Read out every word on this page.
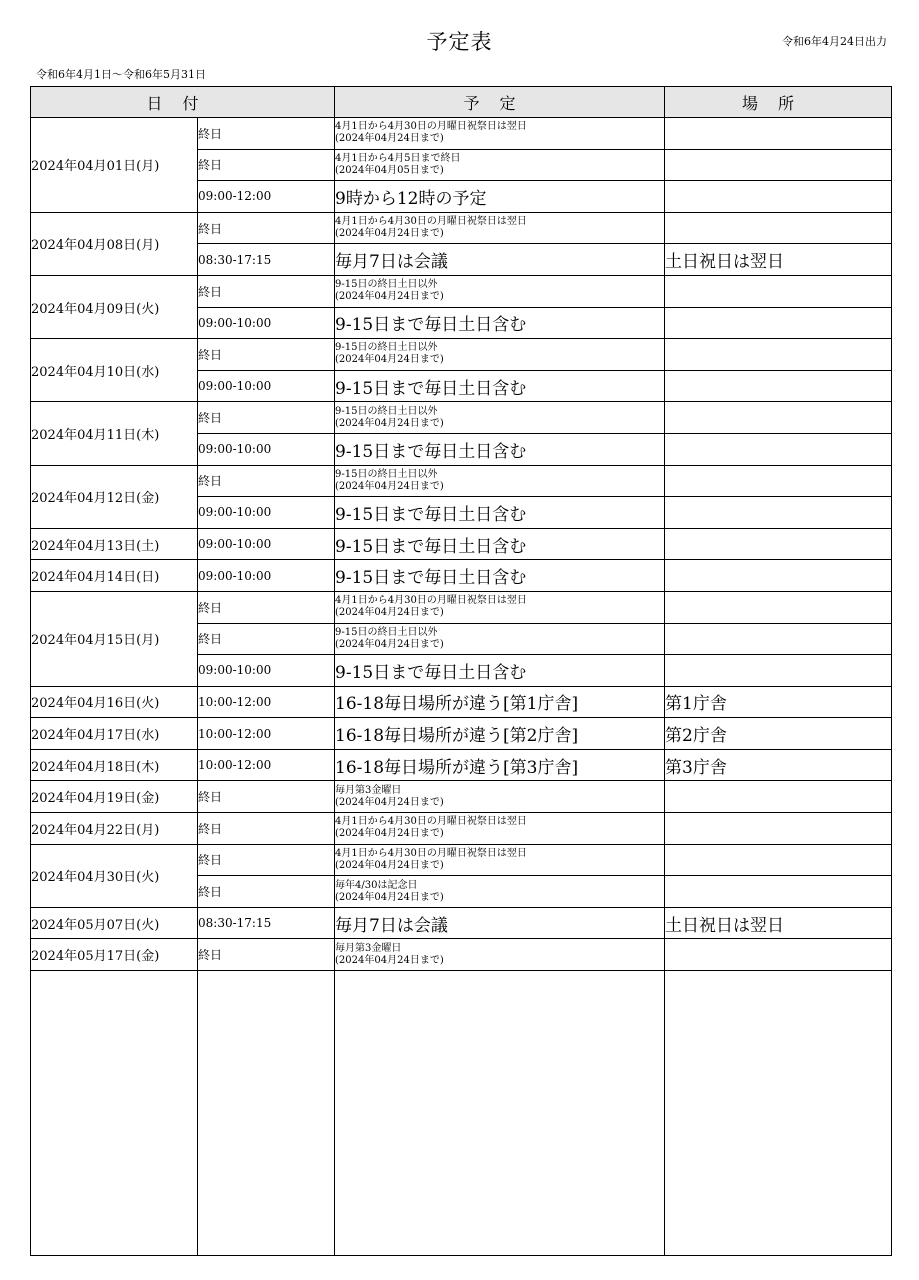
予定表	令和6年4月24日出力
令和6年4月1日～令和6年5月31日
日付		予定	場所
2024年04月01日(月)	終日	4月1日から4月30日の月曜日祝祭日は翌日
(2024年04月24日まで)	

	終日	4月1日から4月5日まで終日
(2024年04月05日まで)	

	09:00-12:00	9時から12時の予定	
2024年04月08日(月)	終日	4月1日から4月30日の月曜日祝祭日は翌日
(2024年04月24日まで)	

	08:30-17:15	毎月7日は会議	土日祝日は翌日
2024年04月09日(火)	終日	9-15日の終日土日以外
(2024年04月24日まで)	

	09:00-10:00	9-15日まで毎日土日含む	
2024年04月10日(水)	終日	9-15日の終日土日以外
(2024年04月24日まで)	

	09:00-10:00	9-15日まで毎日土日含む	
2024年04月11日(木)	終日	9-15日の終日土日以外
(2024年04月24日まで)	

	09:00-10:00	9-15日まで毎日土日含む	
2024年04月12日(金)	終日	9-15日の終日土日以外
(2024年04月24日まで)	

	09:00-10:00	9-15日まで毎日土日含む	
2024年04月13日(土)	09:00-10:00	9-15日まで毎日土日含む	
2024年04月14日(日)	09:00-10:00	9-15日まで毎日土日含む	
2024年04月15日(月)	終日	4月1日から4月30日の月曜日祝祭日は翌日
(2024年04月24日まで)	

	終日	9-15日の終日土日以外
(2024年04月24日まで)	

	09:00-10:00	9-15日まで毎日土日含む	
2024年04月16日(火)	10:00-12:00	16-18毎日場所が違う[第1庁舎]	第1庁舎
2024年04月17日(水)	10:00-12:00	16-18毎日場所が違う[第2庁舎]	第2庁舎
2024年04月18日(木)	10:00-12:00	16-18毎日場所が違う[第3庁舎]	第3庁舎
2024年04月19日(金)	終日	毎月第3金曜日
(2024年04月24日まで)	

2024年04月22日(月)	終日	4月1日から4月30日の月曜日祝祭日は翌日
(2024年04月24日まで)	

2024年04月30日(火)	終日	4月1日から4月30日の月曜日祝祭日は翌日
(2024年04月24日まで)	

	終日	毎年4/30は記念日
(2024年04月24日まで)	

2024年05月07日(火)	08:30-17:15	毎月7日は会議	土日祝日は翌日
2024年05月17日(金)	終日	毎月第3金曜日
(2024年04月24日まで)	
